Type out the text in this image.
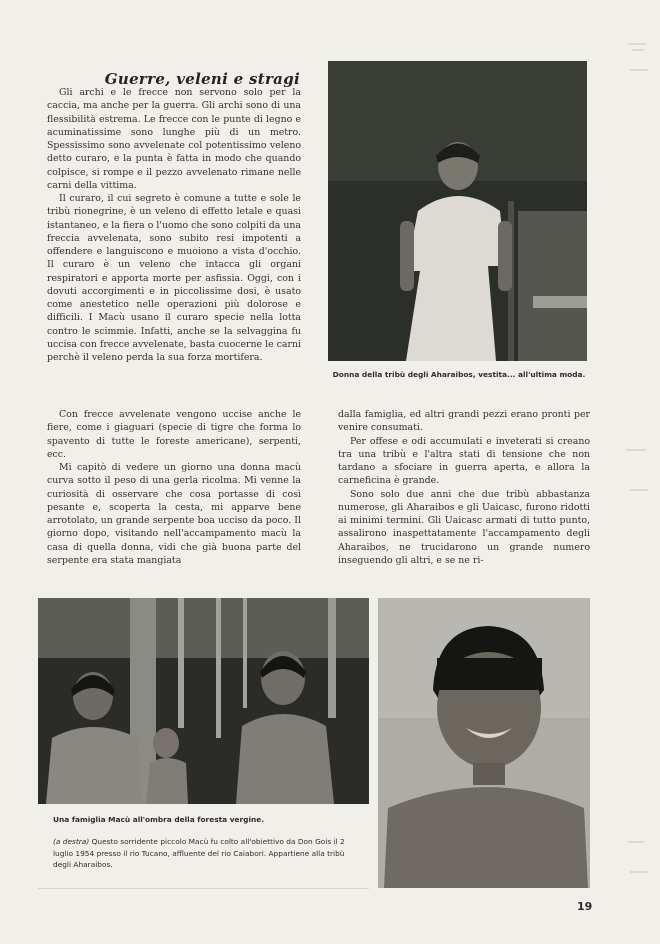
Guerre, veleni e stragi

Gli archi e le frecce non servono solo per la caccia, ma anche per la guerra. Gli archi sono di una flessibilità estrema. Le frecce con le punte di legno e acuminatissime sono lunghe più di un metro. Spessissimo sono avvelenate col potentissimo veleno detto curaro, e la punta è fatta in modo che quando colpisce, si rompe e il pezzo avvelenato rimane nelle carni della vittima.

Il curaro, il cui segreto è comune a tutte e sole le tribù rionegrine, è un veleno di effetto letale e quasi istantaneo, e la fiera o l'uomo che sono colpiti da una freccia avvelenata, sono subito resi impotenti a offendere e languiscono e muoiono a vista d'occhio. Il curaro è un veleno che intacca gli organi respiratori e apporta morte per asfissia. Oggi, con i dovuti accorgimenti e in piccolissime dosi, è usato come anestetico nelle operazioni più dolorose e difficili. I Macù usano il curaro specie nella lotta contro le scimmie. Infatti, anche se la selvaggina fu uccisa con frecce avvelenate, basta cuocerne le carni perchè il veleno perda la sua forza mortifera.

Donna della tribù degli Aharaibos, vestita... all'ultima moda.

Con frecce avvelenate vengono uccise anche le fiere, come i giaguari (specie di tigre che forma lo spavento di tutte le foreste americane), serpenti, ecc.

Mi capitò di vedere un giorno una donna macù curva sotto il peso di una gerla ricolma. Mi venne la curiosità di osservare che cosa portasse di così pesante e, scoperta la cesta, mi apparve bene arrotolato, un grande serpente boa ucciso da poco. Il giorno dopo, visitando nell'accampamento macù la casa di quella donna, vidi che già buona parte del serpente era stata mangiata

dalla famiglia, ed altri grandi pezzi erano pronti per venire consumati.

Per offese e odi accumulati e inveterati si creano tra una tribù e l'altra stati di tensione che non tardano a sfociare in guerra aperta, e allora la carneficina è grande.

Sono solo due anni che due tribù abbastanza numerose, gli Aharaibos e gli Uaicasc, furono ridotti ai minimi termini. Gli Uaicasc armati di tutto punto, assalirono inaspettatamente l'accampamento degli Aharaibos, ne trucidarono un grande numero inseguendo gli altri, e se ne ri-

Una famiglia Macù all'ombra della foresta vergine.
(a destra) Questo sorridente piccolo Macù fu colto all'obiettivo da Don Gois il 2 luglio 1954 presso il rio Tucano, affluente del rio Caiabori. Appartiene alla tribù degli Aharaibos.
19
